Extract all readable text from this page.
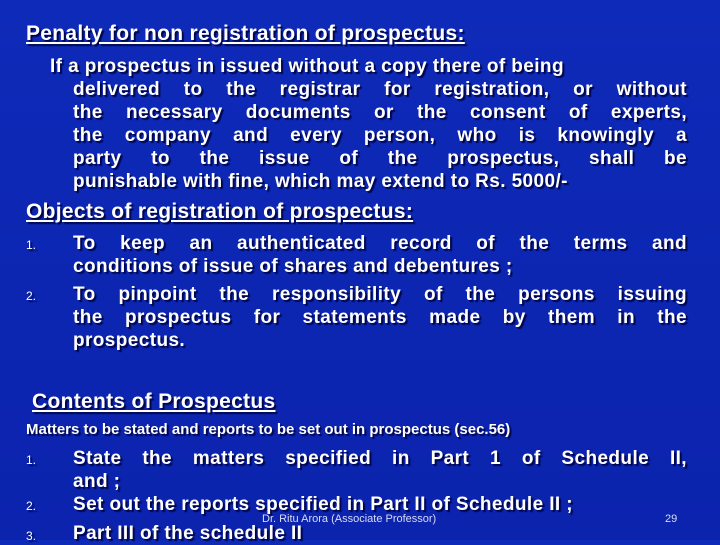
Penalty for non registration of prospectus:
If a prospectus in issued without a copy there of being
delivered to the registrar for registration, or without
the necessary documents or the consent of experts,
the company and every person, who is knowingly a
party to the issue of the prospectus, shall be
punishable with fine, which may extend to Rs. 5000/-
Objects of registration of prospectus:
1. To keep an authenticated record of the terms and
conditions of issue of shares and debentures ;
2. To pinpoint the responsibility of the persons issuing
the prospectus for statements made by them in the
prospectus.
Contents of Prospectus
Matters to be stated and reports to be set out in prospectus (sec.56)
1. State the matters specified in Part 1 of Schedule II,
and ;
2. Set out the reports specified in Part II of Schedule II ;
3. Part III of the schedule II
Dr. Ritu Arora (Associate Professor)	29
